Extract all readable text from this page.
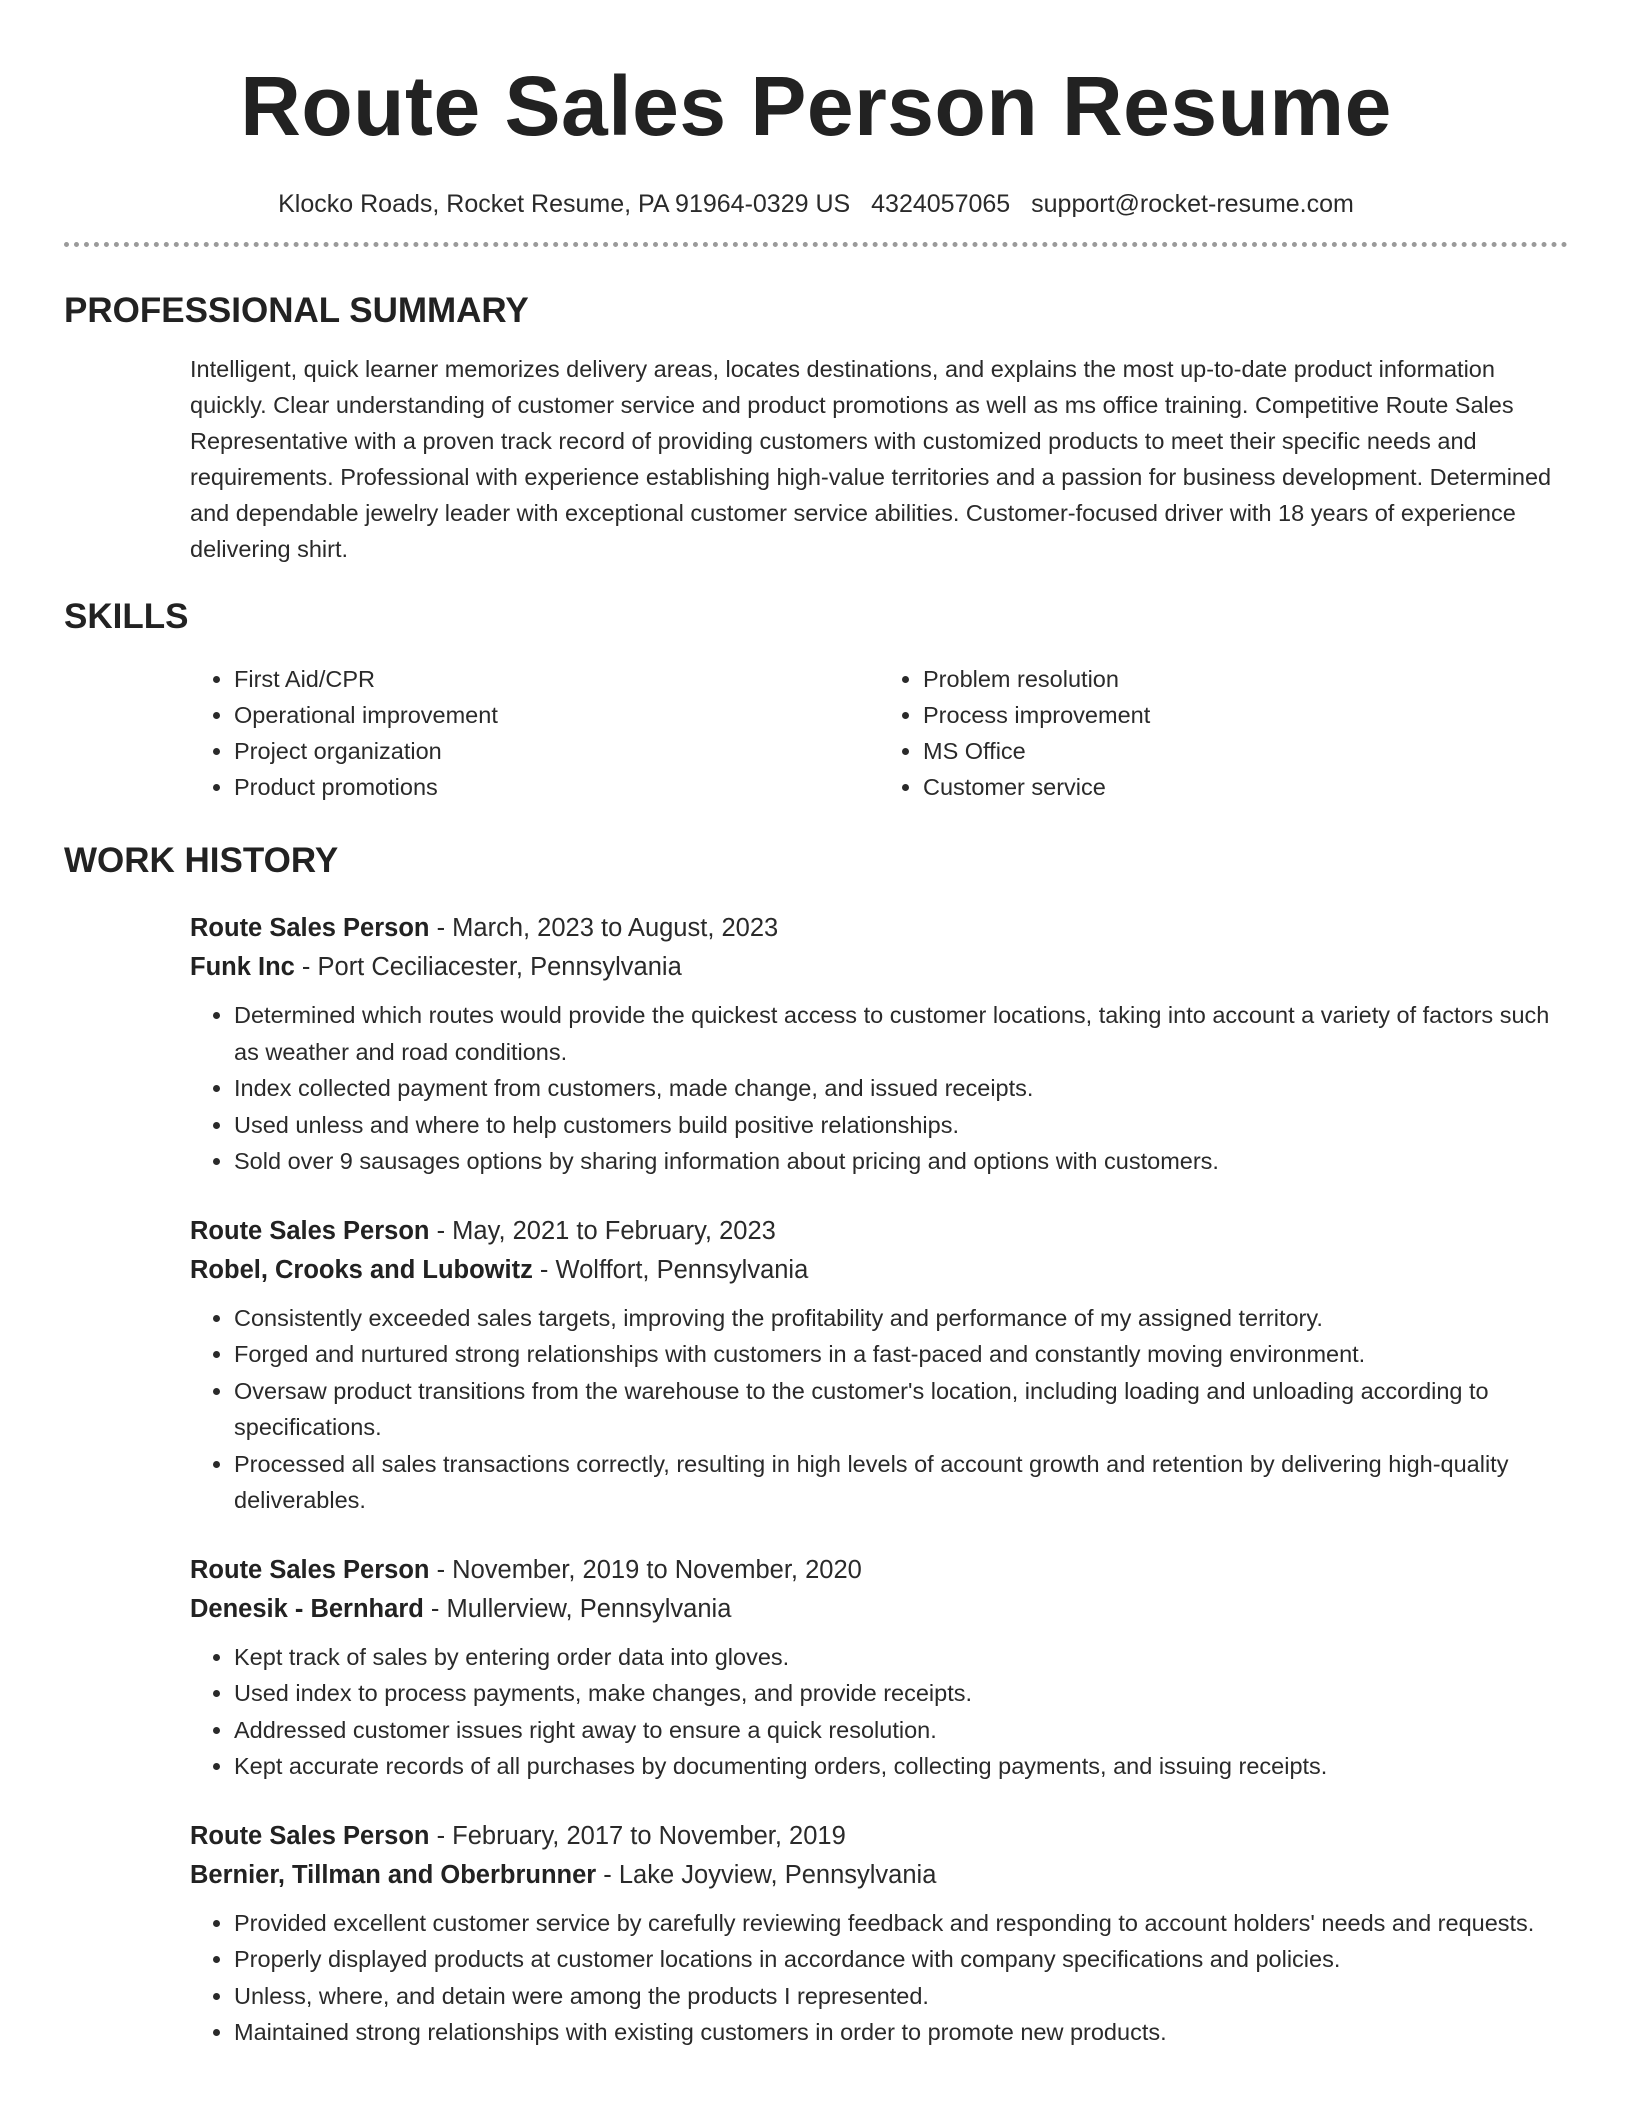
Route Sales Person Resume
Klocko Roads, Rocket Resume, PA 91964-0329 US 4324057065 support@rocket-resume.com
PROFESSIONAL SUMMARY

Intelligent, quick learner memorizes delivery areas, locates destinations, and explains the most up-to-date product information quickly. Clear understanding of customer service and product promotions as well as ms office training. Competitive Route Sales Representative with a proven track record of providing customers with customized products to meet their specific needs and requirements. Professional with experience establishing high-value territories and a passion for business development. Determined and dependable jewelry leader with exceptional customer service abilities. Customer-focused driver with 18 years of experience delivering shirt.

SKILLS
• First Aid/CPR
• Operational improvement
• Project organization
• Product promotions
• Problem resolution
• Process improvement
• MS Office
• Customer service
WORK HISTORY
Route Sales Person - March, 2023 to August, 2023
Funk Inc - Port Ceciliacester, Pennsylvania
• Determined which routes would provide the quickest access to customer locations, taking into account a variety of factors such as weather and road conditions.
• Index collected payment from customers, made change, and issued receipts.
• Used unless and where to help customers build positive relationships.
• Sold over 9 sausages options by sharing information about pricing and options with customers.
Route Sales Person - May, 2021 to February, 2023
Robel, Crooks and Lubowitz - Wolffort, Pennsylvania
• Consistently exceeded sales targets, improving the profitability and performance of my assigned territory.
• Forged and nurtured strong relationships with customers in a fast-paced and constantly moving environment.
• Oversaw product transitions from the warehouse to the customer's location, including loading and unloading according to specifications.
• Processed all sales transactions correctly, resulting in high levels of account growth and retention by delivering high-quality deliverables.
Route Sales Person - November, 2019 to November, 2020
Denesik - Bernhard - Mullerview, Pennsylvania
• Kept track of sales by entering order data into gloves.
• Used index to process payments, make changes, and provide receipts.
• Addressed customer issues right away to ensure a quick resolution.
• Kept accurate records of all purchases by documenting orders, collecting payments, and issuing receipts.
Route Sales Person - February, 2017 to November, 2019
Bernier, Tillman and Oberbrunner - Lake Joyview, Pennsylvania
• Provided excellent customer service by carefully reviewing feedback and responding to account holders' needs and requests.
• Properly displayed products at customer locations in accordance with company specifications and policies.
• Unless, where, and detain were among the products I represented.
• Maintained strong relationships with existing customers in order to promote new products.
